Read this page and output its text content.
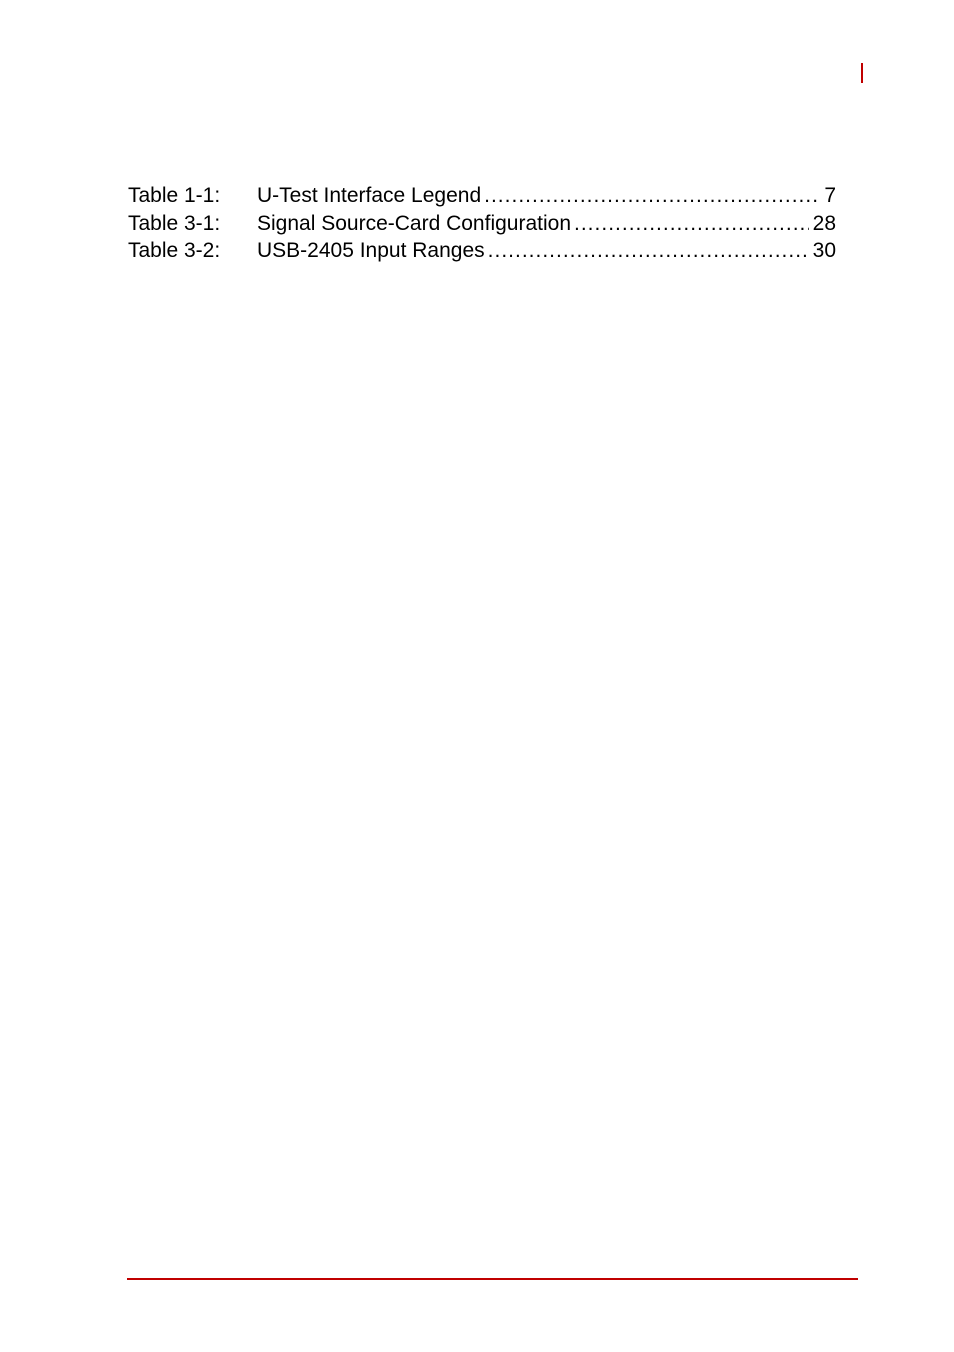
Table 1-1:	U-Test Interface Legend .....	7
Table 3-1:	Signal Source-Card Configuration .....	28
Table 3-2:	USB-2405 Input Ranges .....	30
